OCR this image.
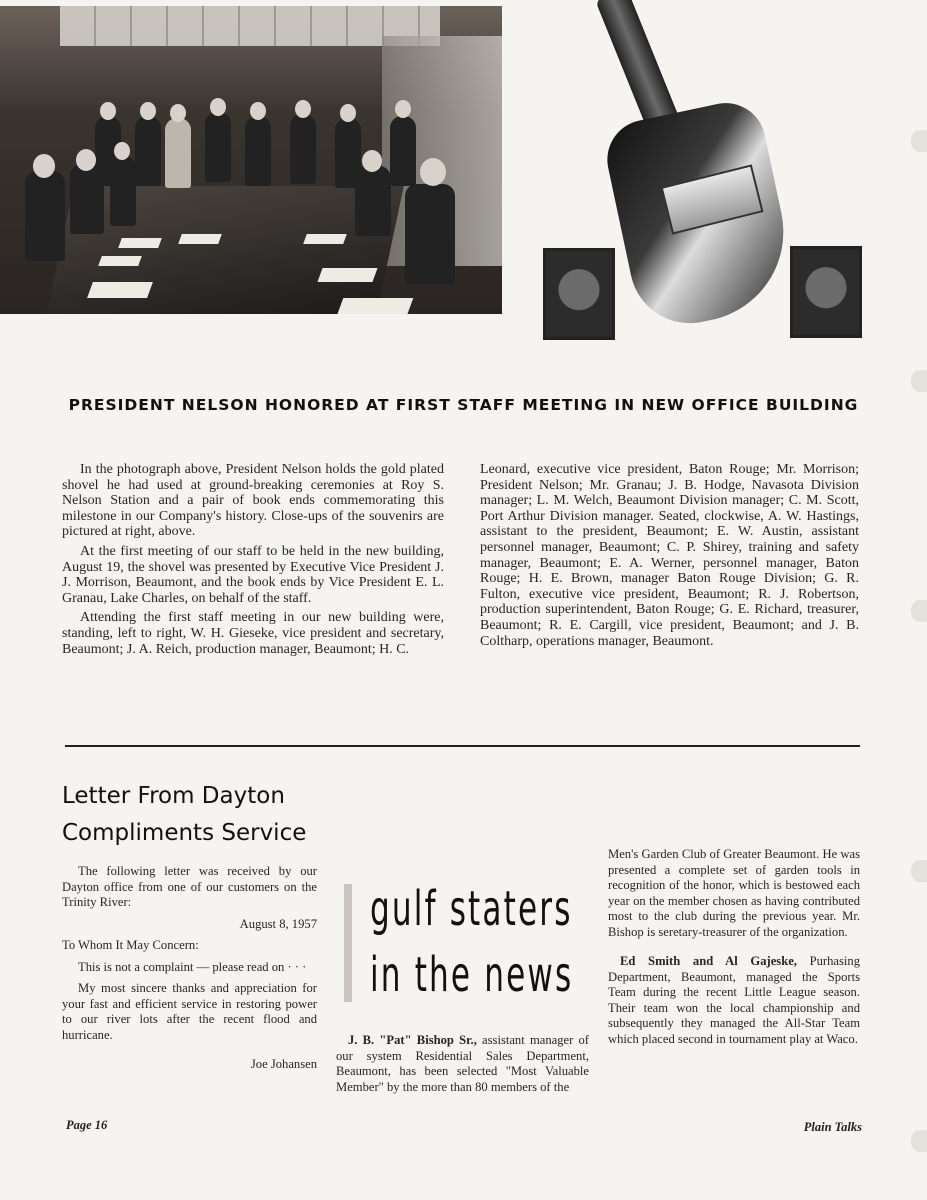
PRESIDENT NELSON HONORED AT FIRST STAFF MEETING IN NEW OFFICE BUILDING

In the photograph above, President Nelson holds the gold plated shovel he had used at ground-breaking ceremonies at Roy S. Nelson Station and a pair of book ends commemorating this milestone in our Company's history. Close-ups of the souvenirs are pictured at right, above.

At the first meeting of our staff to be held in the new building, August 19, the shovel was presented by Executive Vice President J. J. Morrison, Beaumont, and the book ends by Vice President E. L. Granau, Lake Charles, on behalf of the staff.

Attending the first staff meeting in our new building were, standing, left to right, W. H. Gieseke, vice president and secretary, Beaumont; J. A. Reich, production manager, Beaumont; H. C.

Leonard, executive vice president, Baton Rouge; Mr. Morrison; President Nelson; Mr. Granau; J. B. Hodge, Navasota Division manager; L. M. Welch, Beaumont Division manager; C. M. Scott, Port Arthur Division manager. Seated, clockwise, A. W. Hastings, assistant to the president, Beaumont; E. W. Austin, assistant personnel manager, Beaumont; C. P. Shirey, training and safety manager, Beaumont; E. A. Werner, personnel manager, Baton Rouge; H. E. Brown, manager Baton Rouge Division; G. R. Fulton, executive vice president, Beaumont; R. J. Robertson, production superintendent, Baton Rouge; G. E. Richard, treasurer, Beaumont; R. E. Cargill, vice president, Beaumont; and J. B. Coltharp, operations manager, Beaumont.

Letter From Dayton
Compliments Service

The following letter was received by our Dayton office from one of our customers on the Trinity River:

August 8, 1957

To Whom It May Concern:

This is not a complaint — please read on · · ·

My most sincere thanks and appreciation for your fast and efficient service in restoring power to our river lots after the recent flood and hurricane.

Joe Johansen

gulf staters
in the news

J. B. "Pat" Bishop Sr., assistant manager of our system Residential Sales Department, Beaumont, has been selected "Most Valuable Member" by the more than 80 members of the

Men's Garden Club of Greater Beaumont. He was presented a complete set of garden tools in recognition of the honor, which is bestowed each year on the member chosen as having contributed most to the club during the previous year. Mr. Bishop is seretary-treasurer of the organization.

Ed Smith and Al Gajeske, Purhasing Department, Beaumont, managed the Sports Team during the recent Little League season. Their team won the local championship and subsequently they managed the All-Star Team which placed second in tournament play at Waco.

Page 16	Plain Talks
